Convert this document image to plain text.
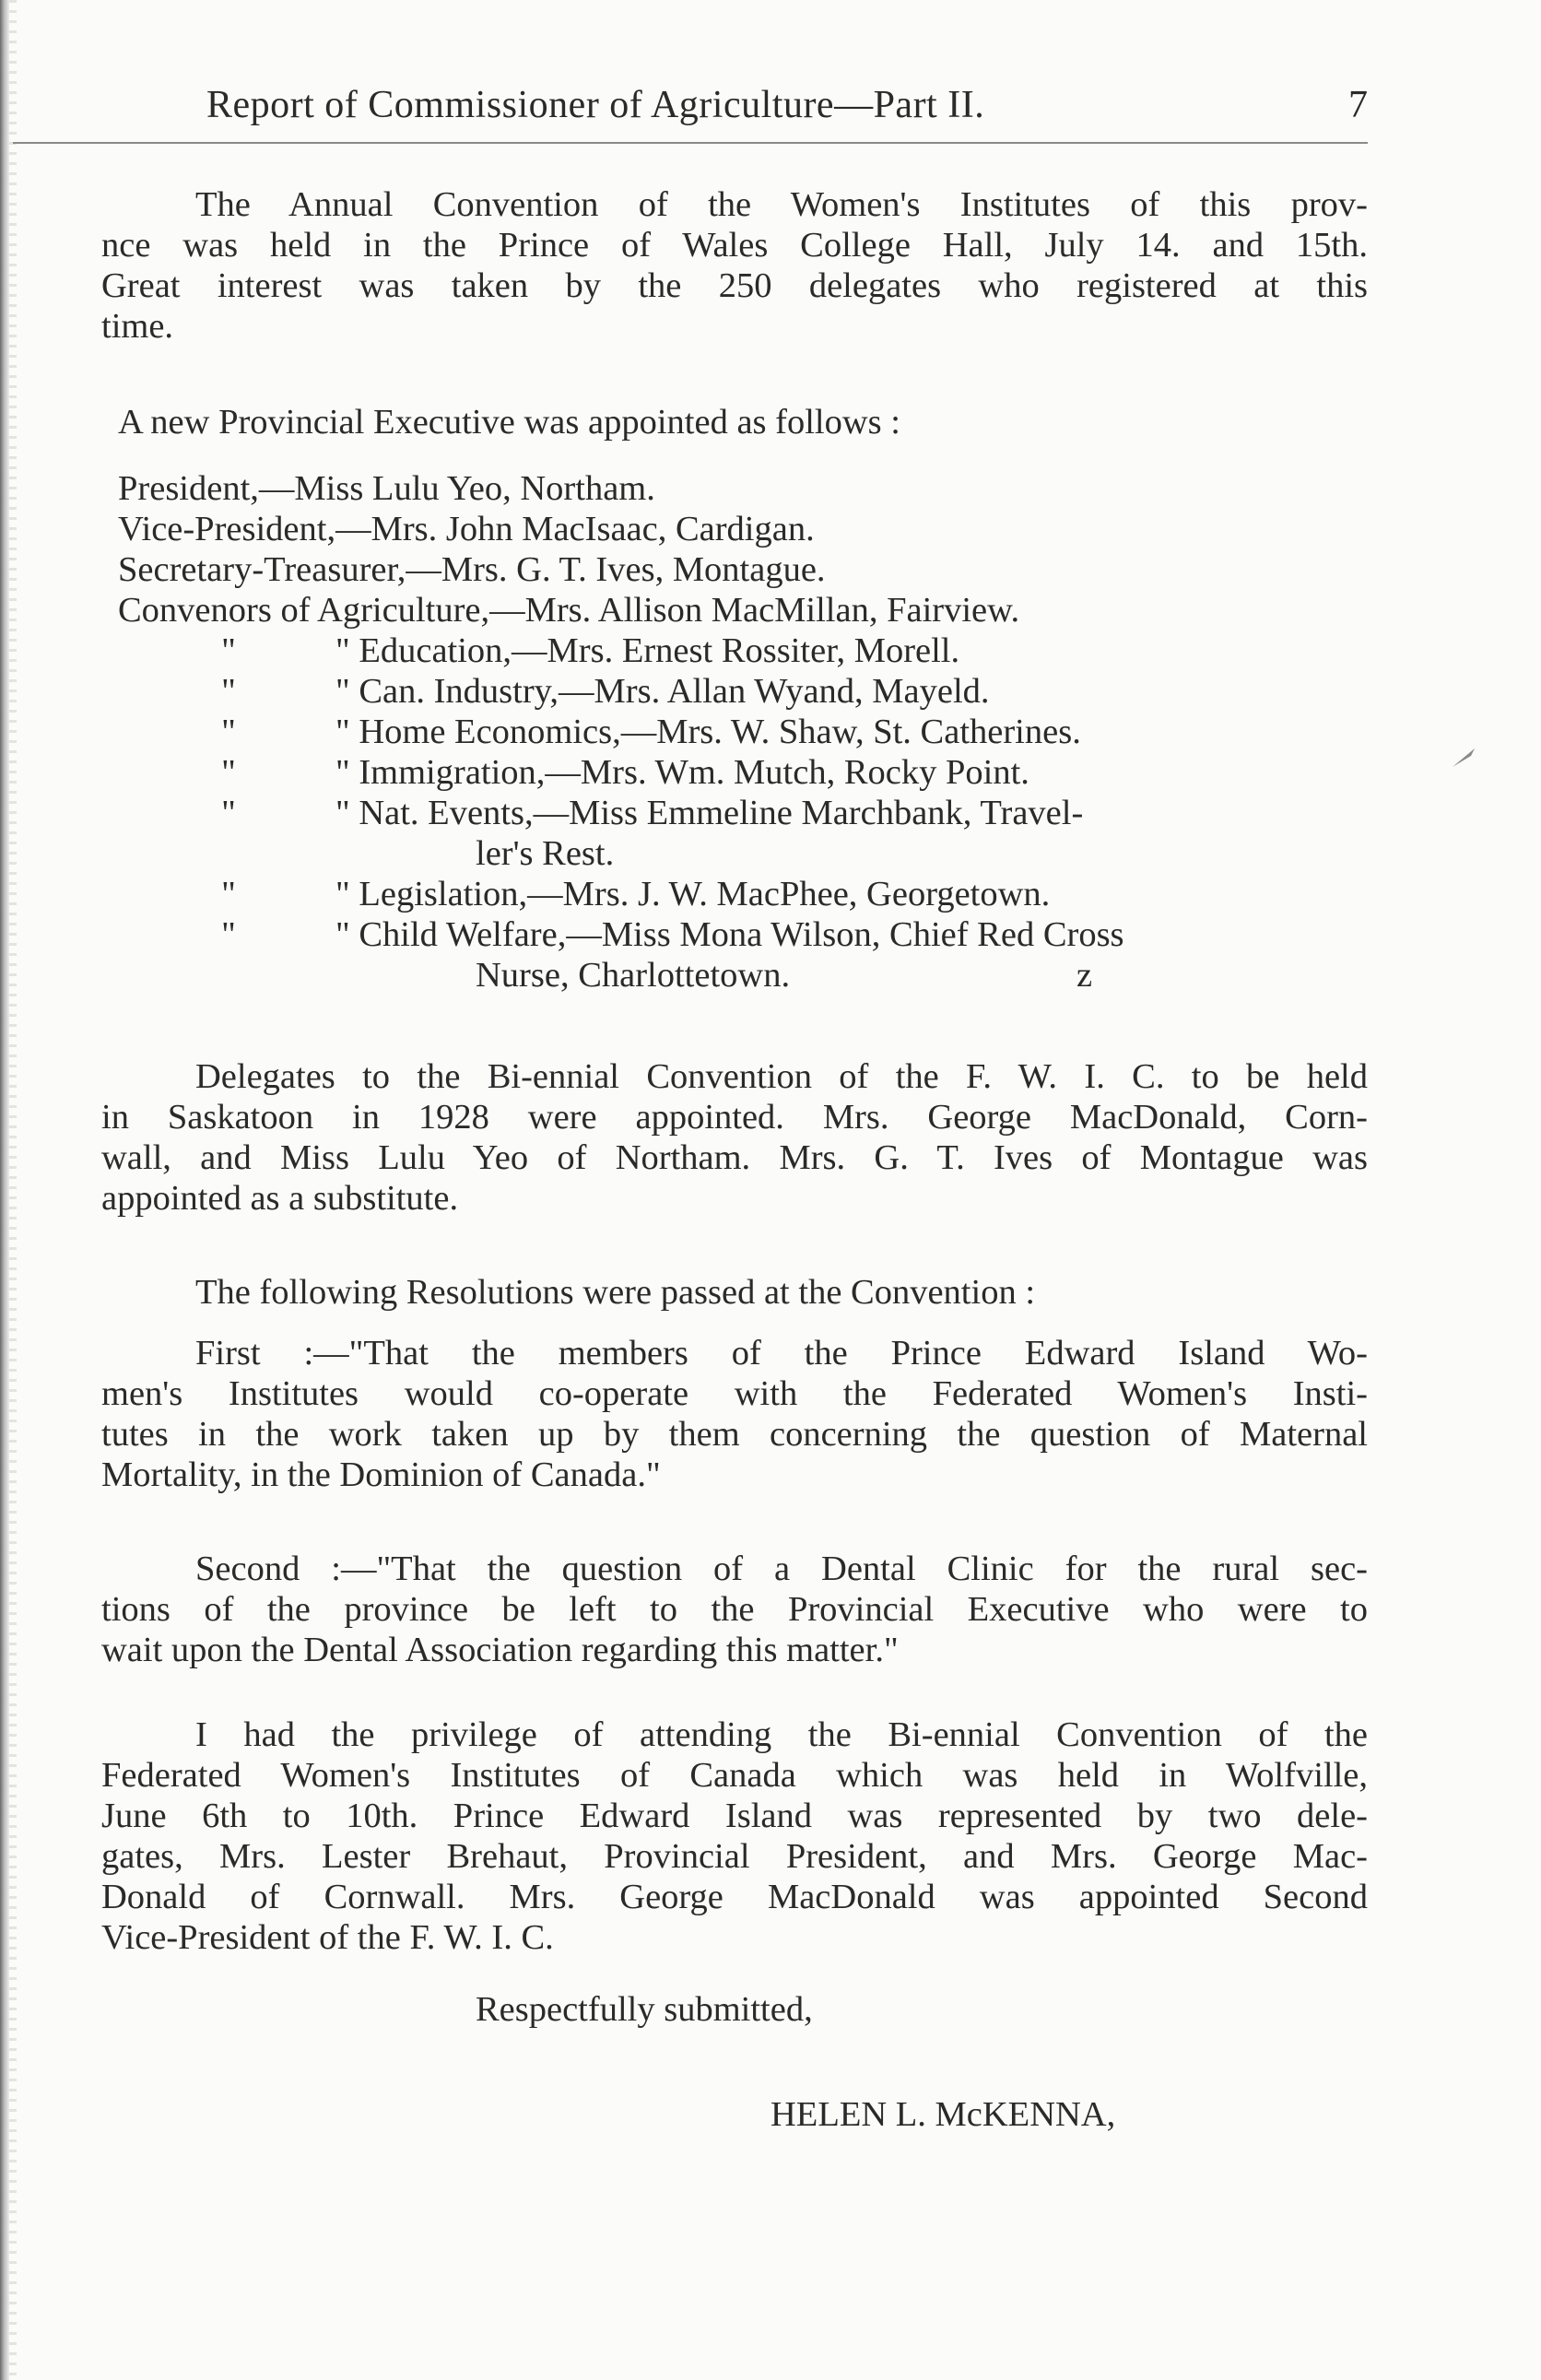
Report of Commissioner of Agriculture—Part II.	7
The Annual Convention of the Women's Institutes of this prov-
nce was held in the Prince of Wales College Hall, July 14. and 15th.
Great interest was taken by the 250 delegates who registered at this
time.
A new Provincial Executive was appointed as follows :
President,—Miss Lulu Yeo, Northam.
Vice-President,—Mrs. John MacIsaac, Cardigan.
Secretary-Treasurer,—Mrs. G. T. Ives, Montague.
Convenors of Agriculture,—Mrs. Allison MacMillan, Fairview.
"	" Education,—Mrs. Ernest Rossiter, Morell.
"	" Can. Industry,—Mrs. Allan Wyand, Mayeld.
"	" Home Economics,—Mrs. W. Shaw, St. Catherines.
"	" Immigration,—Mrs. Wm. Mutch, Rocky Point.
"	" Nat. Events,—Miss Emmeline Marchbank, Travel-
ler's Rest.
"	" Legislation,—Mrs. J. W. MacPhee, Georgetown.
"	" Child Welfare,—Miss Mona Wilson, Chief Red Cross
Nurse, Charlottetown.	z
Delegates to the Bi-ennial Convention of the F. W. I. C. to be held
in Saskatoon in 1928 were appointed. Mrs. George MacDonald, Corn-
wall, and Miss Lulu Yeo of Northam. Mrs. G. T. Ives of Montague was
appointed as a substitute.
The following Resolutions were passed at the Convention :
First :—"That the members of the Prince Edward Island Wo-
men's Institutes would co-operate with the Federated Women's Insti-
tutes in the work taken up by them concerning the question of Maternal
Mortality, in the Dominion of Canada."
Second :—"That the question of a Dental Clinic for the rural sec-
tions of the province be left to the Provincial Executive who were to
wait upon the Dental Association regarding this matter."
I had the privilege of attending the Bi-ennial Convention of the
Federated Women's Institutes of Canada which was held in Wolfville,
June 6th to 10th. Prince Edward Island was represented by two dele-
gates, Mrs. Lester Brehaut, Provincial President, and Mrs. George Mac-
Donald of Cornwall. Mrs. George MacDonald was appointed Second
Vice-President of the F. W. I. C.
Respectfully submitted,
HELEN L. McKENNA,
